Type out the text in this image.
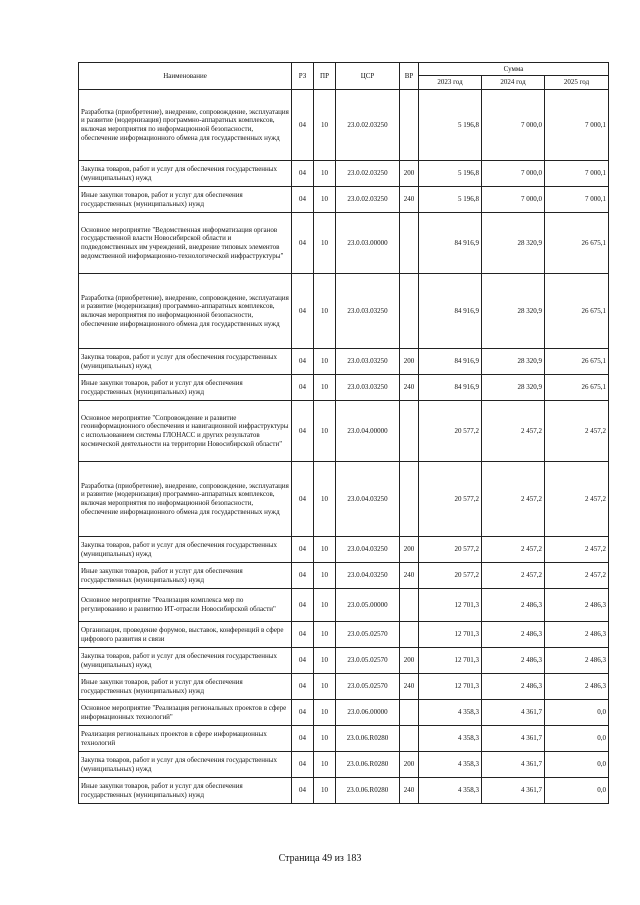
Наименование	РЗ	ПР	ЦСР	ВР	Сумма		
					2023 год	2024 год	2025 год
Разработка (приобретение), внедрение, сопровождение, эксплуатация и развитие (модернизация) программно-аппаратных комплексов, включая мероприятия по информационной безопасности, обеспечение информационного обмена для государственных нужд	04	10	23.0.02.03250		5 196,8	7 000,0	7 000,1
Закупка товаров, работ и услуг для обеспечения государственных (муниципальных) нужд	04	10	23.0.02.03250	200	5 196,8	7 000,0	7 000,1
Иные закупки товаров, работ и услуг для обеспечения государственных (муниципальных) нужд	04	10	23.0.02.03250	240	5 196,8	7 000,0	7 000,1
Основное мероприятие "Ведомственная информатизация органов государственной власти Новосибирской области и подведомственных им учреждений, внедрение типовых элементов ведомственной информационно-технологической инфраструктуры"	04	10	23.0.03.00000		84 916,9	28 320,9	26 675,1
Разработка (приобретение), внедрение, сопровождение, эксплуатация и развитие (модернизация) программно-аппаратных комплексов, включая мероприятия по информационной безопасности, обеспечение информационного обмена для государственных нужд	04	10	23.0.03.03250		84 916,9	28 320,9	26 675,1
Закупка товаров, работ и услуг для обеспечения государственных (муниципальных) нужд	04	10	23.0.03.03250	200	84 916,9	28 320,9	26 675,1
Иные закупки товаров, работ и услуг для обеспечения государственных (муниципальных) нужд	04	10	23.0.03.03250	240	84 916,9	28 320,9	26 675,1
Основное мероприятие "Сопровождение и развитие геоинформационного обеспечения и навигационной инфраструктуры с использованием системы ГЛОНАСС и других результатов космической деятельности на территории Новосибирской области"	04	10	23.0.04.00000		20 577,2	2 457,2	2 457,2
Разработка (приобретение), внедрение, сопровождение, эксплуатация и развитие (модернизация) программно-аппаратных комплексов, включая мероприятия по информационной безопасности, обеспечение информационного обмена для государственных нужд	04	10	23.0.04.03250		20 577,2	2 457,2	2 457,2
Закупка товаров, работ и услуг для обеспечения государственных (муниципальных) нужд	04	10	23.0.04.03250	200	20 577,2	2 457,2	2 457,2
Иные закупки товаров, работ и услуг для обеспечения государственных (муниципальных) нужд	04	10	23.0.04.03250	240	20 577,2	2 457,2	2 457,2
Основное мероприятие "Реализация комплекса мер по регулированию и развитию ИТ-отрасли Новосибирской области"	04	10	23.0.05.00000		12 701,3	2 486,3	2 486,3
Организация, проведение форумов, выставок, конференций в сфере цифрового развития и связи	04	10	23.0.05.02570		12 701,3	2 486,3	2 486,3
Закупка товаров, работ и услуг для обеспечения государственных (муниципальных) нужд	04	10	23.0.05.02570	200	12 701,3	2 486,3	2 486,3
Иные закупки товаров, работ и услуг для обеспечения государственных (муниципальных) нужд	04	10	23.0.05.02570	240	12 701,3	2 486,3	2 486,3
Основное мероприятие "Реализация региональных проектов в сфере информационных технологий"	04	10	23.0.06.00000		4 358,3	4 361,7	0,0
Реализация региональных проектов в сфере информационных технологий	04	10	23.0.06.R0280		4 358,3	4 361,7	0,0
Закупка товаров, работ и услуг для обеспечения государственных (муниципальных) нужд	04	10	23.0.06.R0280	200	4 358,3	4 361,7	0,0
Иные закупки товаров, работ и услуг для обеспечения государственных (муниципальных) нужд	04	10	23.0.06.R0280	240	4 358,3	4 361,7	0,0
Страница 49 из 183
